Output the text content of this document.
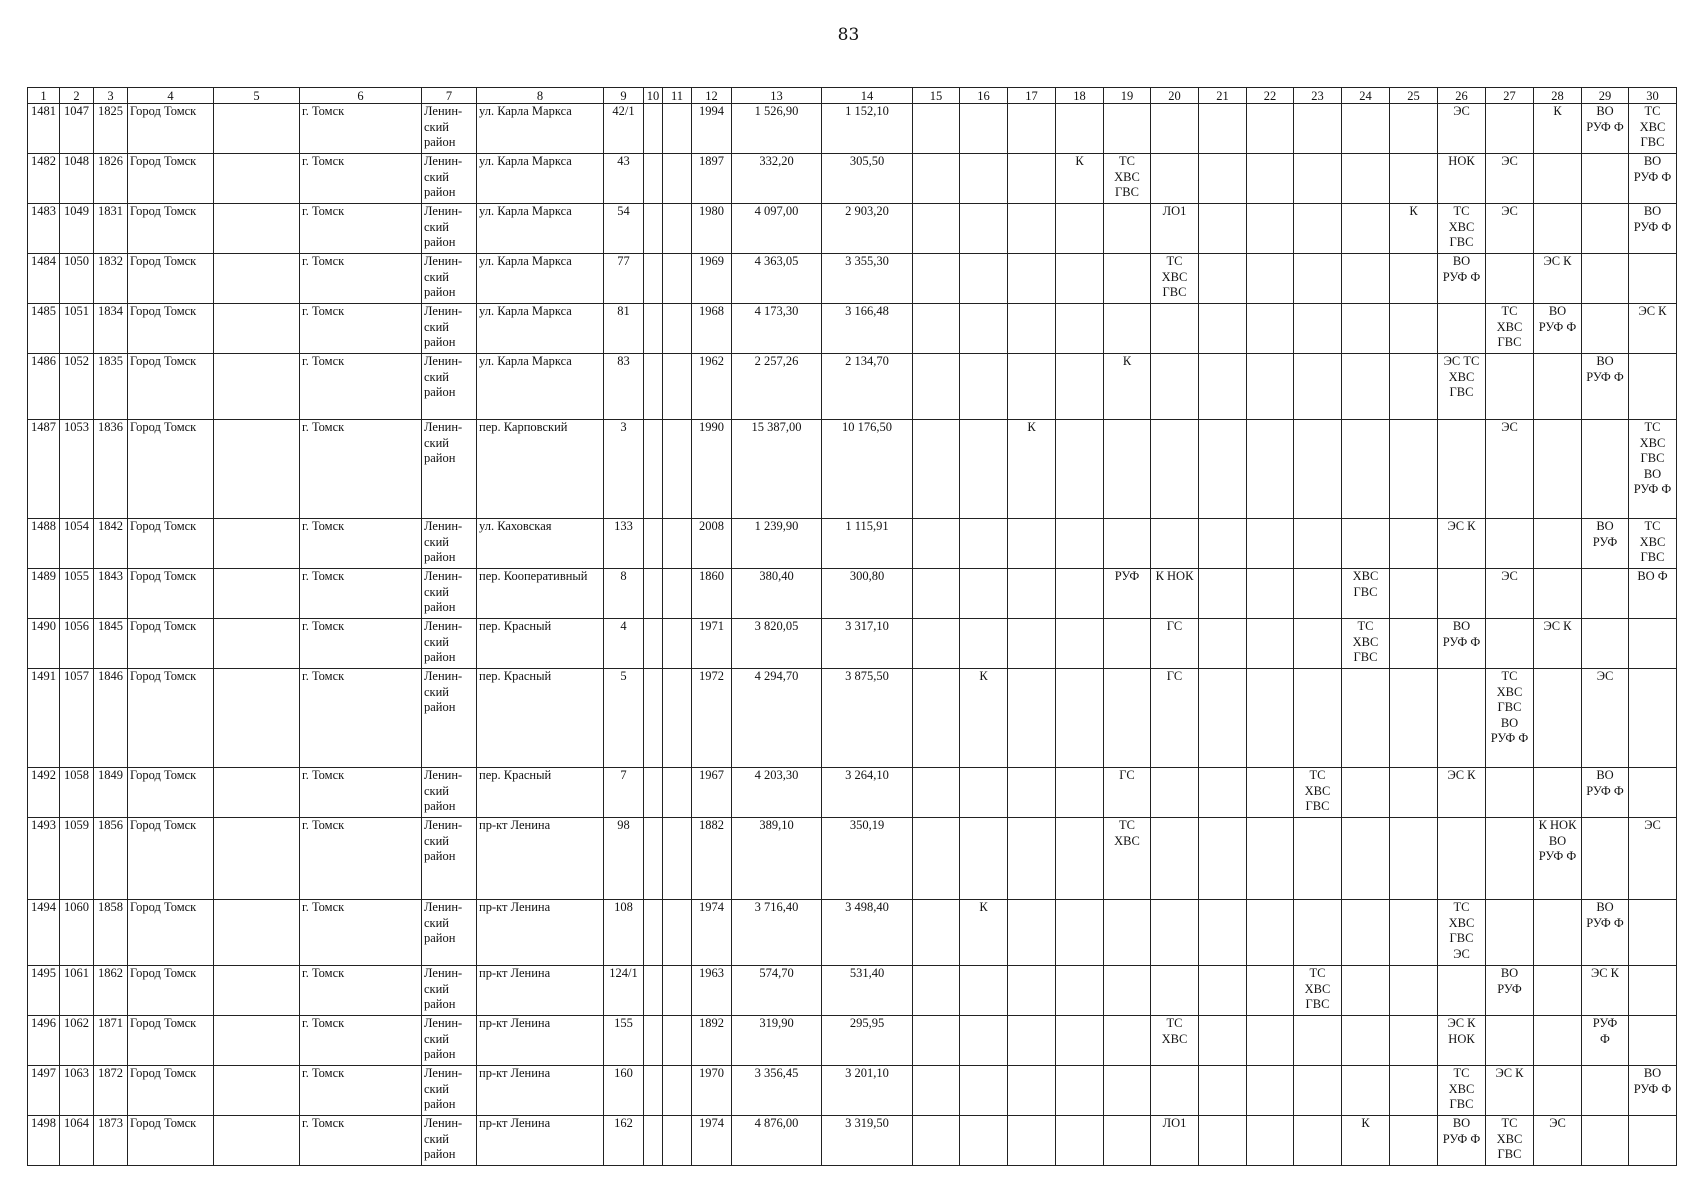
83
1	2	3	4	5	6	7	8	9	10	11	12	13	14	15	16	17	18	19	20	21	22	23	24	25	26	27	28	29	30
1481	1047	1825	Город Томск		г. Томск	Ленин-
ский
район	ул. Карла Маркса	42/1			1994	1 526,90	1 152,10												ЭС		К	ВО
РУФ Ф	ТС
ХВС
ГВС
1482	1048	1826	Город Томск		г. Томск	Ленин-
ский
район	ул. Карла Маркса	43			1897	332,20	305,50				К	ТС
ХВС
ГВС							НОК	ЭС			ВО
РУФ Ф
1483	1049	1831	Город Томск		г. Томск	Ленин-
ский
район	ул. Карла Маркса	54			1980	4 097,00	2 903,20						ЛО1					К	ТС
ХВС
ГВС	ЭС			ВО
РУФ Ф
1484	1050	1832	Город Томск		г. Томск	Ленин-
ский
район	ул. Карла Маркса	77			1969	4 363,05	3 355,30						ТС
ХВС
ГВС						ВО
РУФ Ф		ЭС К		
1485	1051	1834	Город Томск		г. Томск	Ленин-
ский
район	ул. Карла Маркса	81			1968	4 173,30	3 166,48													ТС
ХВС
ГВС	ВО
РУФ Ф		ЭС К
1486	1052	1835	Город Томск		г. Томск	Ленин-
ский
район	ул. Карла Маркса	83			1962	2 257,26	2 134,70					К							ЭС ТС
ХВС
ГВС			ВО
РУФ Ф	
1487	1053	1836	Город Томск		г. Томск	Ленин-
ский
район	пер. Карповский	3			1990	15 387,00	10 176,50			К										ЭС			ТС
ХВС
ГВС
ВО
РУФ Ф
1488	1054	1842	Город Томск		г. Томск	Ленин-
ский
район	ул. Каховская	133			2008	1 239,90	1 115,91												ЭС К			ВО
РУФ	ТС
ХВС
ГВС
1489	1055	1843	Город Томск		г. Томск	Ленин-
ский
район	пер. Кооперативный	8			1860	380,40	300,80					РУФ	К НОК				ХВС
ГВС			ЭС			ВО Ф
1490	1056	1845	Город Томск		г. Томск	Ленин-
ский
район	пер. Красный	4			1971	3 820,05	3 317,10						ГС				ТС
ХВС
ГВС		ВО
РУФ Ф		ЭС К		
1491	1057	1846	Город Томск		г. Томск	Ленин-
ский
район	пер. Красный	5			1972	4 294,70	3 875,50		К				ГС							ТС
ХВС
ГВС
ВО
РУФ Ф		ЭС	
1492	1058	1849	Город Томск		г. Томск	Ленин-
ский
район	пер. Красный	7			1967	4 203,30	3 264,10					ГС				ТС
ХВС
ГВС			ЭС К			ВО
РУФ Ф	
1493	1059	1856	Город Томск		г. Томск	Ленин-
ский
район	пр-кт Ленина	98			1882	389,10	350,19					ТС
ХВС									К НОК
ВО
РУФ Ф		ЭС
1494	1060	1858	Город Томск		г. Томск	Ленин-
ский
район	пр-кт Ленина	108			1974	3 716,40	3 498,40		К										ТС
ХВС
ГВС
ЭС			ВО
РУФ Ф	
1495	1061	1862	Город Томск		г. Томск	Ленин-
ский
район	пр-кт Ленина	124/1			1963	574,70	531,40									ТС
ХВС
ГВС				ВО
РУФ		ЭС К	
1496	1062	1871	Город Томск		г. Томск	Ленин-
ский
район	пр-кт Ленина	155			1892	319,90	295,95						ТС
ХВС						ЭС К
НОК			РУФ
Ф	
1497	1063	1872	Город Томск		г. Томск	Ленин-
ский
район	пр-кт Ленина	160			1970	3 356,45	3 201,10												ТС
ХВС
ГВС	ЭС К			ВО
РУФ Ф
1498	1064	1873	Город Томск		г. Томск	Ленин-
ский
район	пр-кт Ленина	162			1974	4 876,00	3 319,50						ЛО1				К		ВО
РУФ Ф	ТС
ХВС
ГВС	ЭС		
